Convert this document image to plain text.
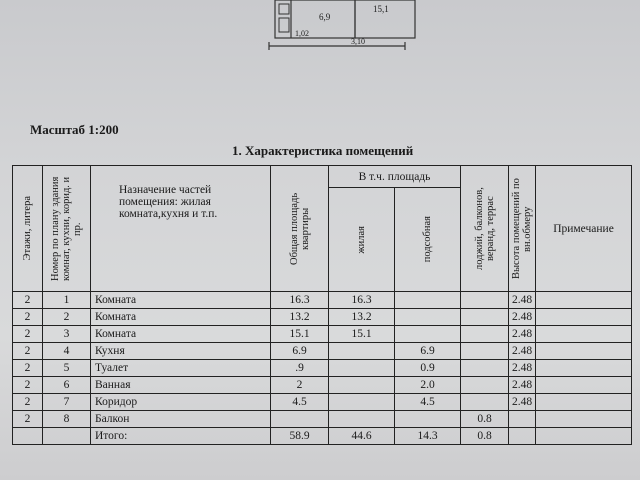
6,9
15,1
1,02
3,10
Масштаб 1:200
1. Характеристика помещений
Этажи, литера	Номер по плану здания комнат, кухни, корид. и пр.	Назначение частей помещения: жилая комната,кухня и т.п.	Общая площадь квартиры	В т.ч. площадь		лоджий, балконов, веранд, террас	Высота помещений по вн.обмеру	Примечание

				жилая	подсобная			

2	1	Комната	16.3	16.3			2.48	
2	2	Комната	13.2	13.2			2.48	
2	3	Комната	15.1	15.1			2.48	
2	4	Кухня	6.9		6.9		2.48	
2	5	Туалет	.9		0.9		2.48	
2	6	Ванная	2		2.0		2.48	
2	7	Коридор	4.5		4.5		2.48	
2	8	Балкон				0.8		
		Итого:	58.9	44.6	14.3	0.8		
